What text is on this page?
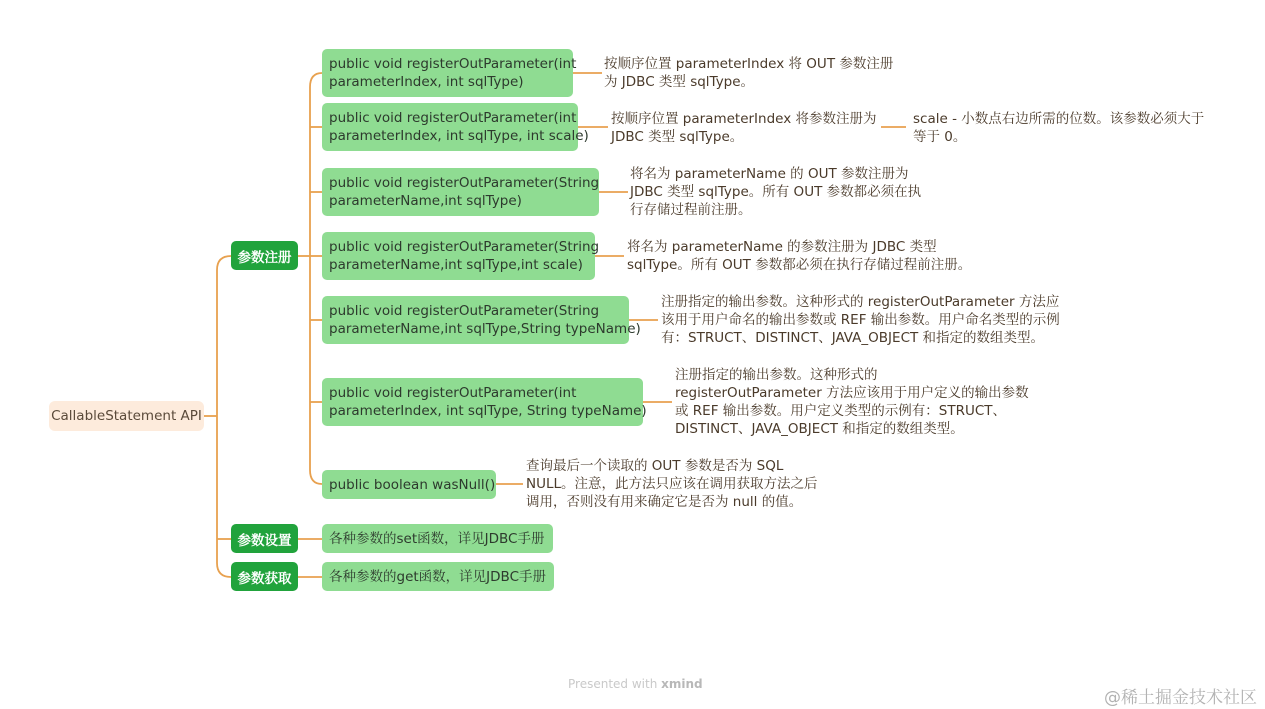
CallableStatement API
参数注册
参数设置
参数获取
public void registerOutParameter(int
parameterIndex, int sqlType)
public void registerOutParameter(int
parameterIndex, int sqlType, int scale)
public void registerOutParameter(String
parameterName,int sqlType)
public void registerOutParameter(String
parameterName,int sqlType,int scale)
public void registerOutParameter(String
parameterName,int sqlType,String typeName)
public void registerOutParameter(int
parameterIndex, int sqlType, String typeName)
public boolean wasNull()
各种参数的set函数，详见JDBC手册
各种参数的get函数，详见JDBC手册
按顺序位置 parameterIndex 将 OUT 参数注册
为 JDBC 类型 sqlType。
按顺序位置 parameterIndex 将参数注册为
JDBC 类型 sqlType。
scale - 小数点右边所需的位数。该参数必须大于
等于 0。
将名为 parameterName 的 OUT 参数注册为
JDBC 类型 sqlType。所有 OUT 参数都必须在执
行存储过程前注册。
将名为 parameterName 的参数注册为 JDBC 类型
sqlType。所有 OUT 参数都必须在执行存储过程前注册。
注册指定的输出参数。这种形式的 registerOutParameter 方法应
该用于用户命名的输出参数或 REF 输出参数。用户命名类型的示例
有：STRUCT、DISTINCT、JAVA_OBJECT 和指定的数组类型。
注册指定的输出参数。这种形式的
registerOutParameter 方法应该用于用户定义的输出参数
或 REF 输出参数。用户定义类型的示例有：STRUCT、
DISTINCT、JAVA_OBJECT 和指定的数组类型。
查询最后一个读取的 OUT 参数是否为 SQL
NULL。注意，此方法只应该在调用获取方法之后
调用，否则没有用来确定它是否为 null 的值。
Presented with xmind
@稀土掘金技术社区
